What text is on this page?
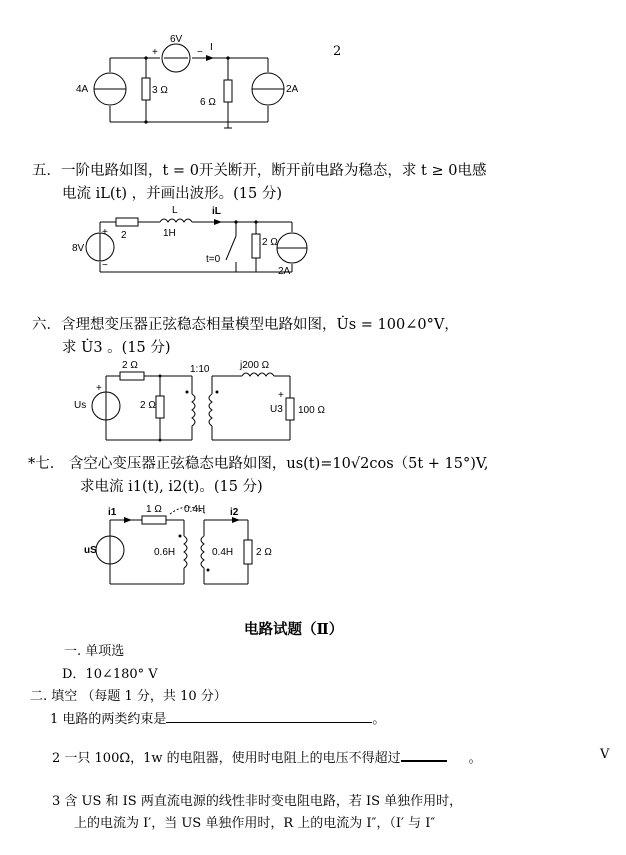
2
6V
+	− I
4A	3 Ω
6 Ω
2A
五．一阶电路如图，t = 0开关断开，断开前电路为稳态，求 t ≥ 0电感
电流 iL(t) ，并画出波形。(15 分)
L
+ 2	1H
iL
8V
−
t=0
2 Ω
2A
六．含理想变压器正弦稳态相量模型电路如图，U̇s = 100∠0°V，
求 U̇3 。(15 分)
2 Ω	1:10	j200 Ω
Us	2 Ω	U3 100 Ω
+
+
*七． 含空心变压器正弦稳态电路如图，us(t)=10√2cos（5t + 15°)V,
求电流 i1(t), i2(t)。(15 分)
i1	1 Ω 0.4H i2
uS	0.6H	0.4H 2 Ω
电路试题（Ⅱ）
一. 单项选
D．10∠180° V
二. 填空 （每题 1 分，共 10 分）
1 电路的两类约束是	。
2 一只 100Ω，1w 的电阻器，使用时电阻上的电压不得超过	。	V
3 含 US 和 IS 两直流电源的线性非时变电阻电路，若 IS 单独作用时，
上的电流为 I′，当 US 单独作用时，R 上的电流为 I″，（I′ 与 I″
